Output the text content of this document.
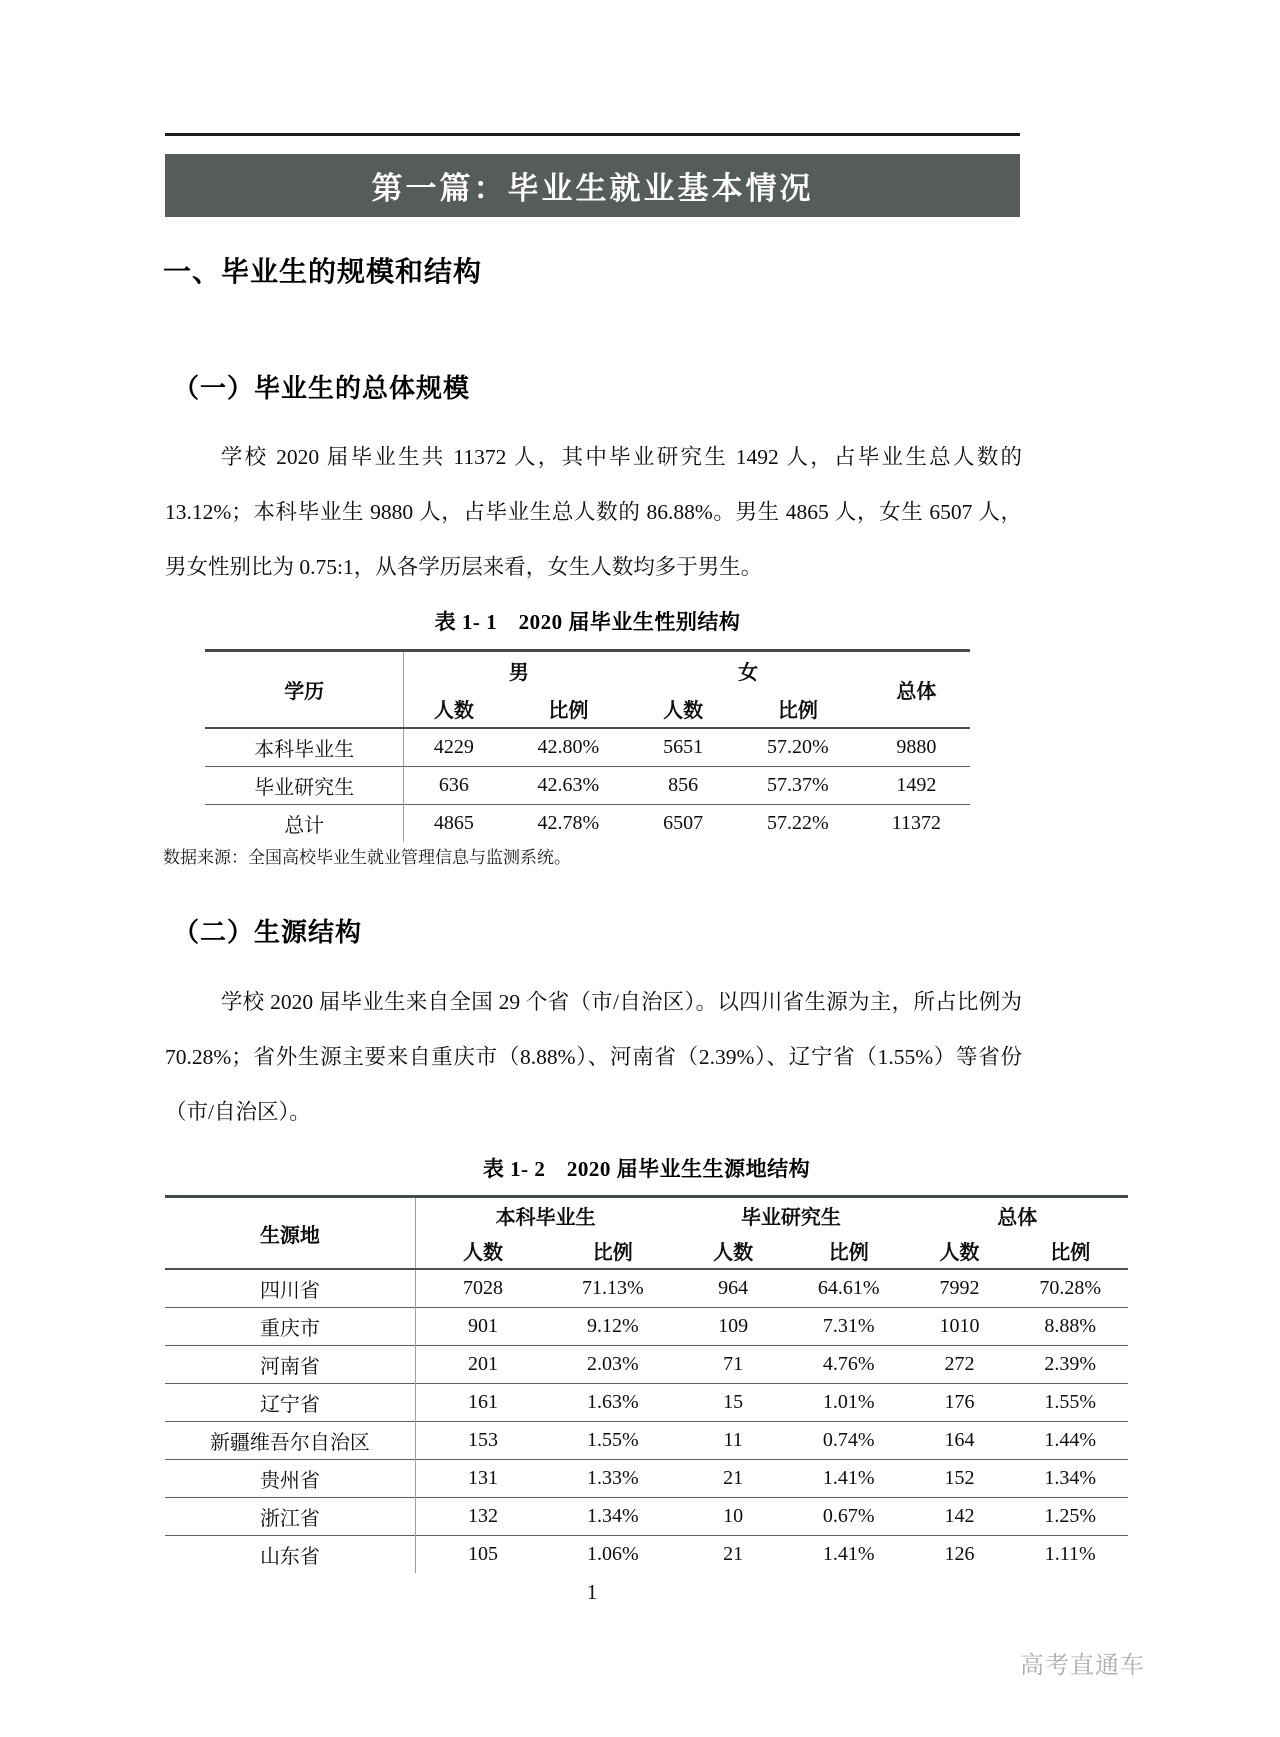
第一篇：毕业生就业基本情况
一、毕业生的规模和结构
（一）毕业生的总体规模

学校 2020 届毕业生共 11372 人，其中毕业研究生 1492 人，占毕业生总人数的 13.12%；本科毕业生 9880 人，占毕业生总人数的 86.88%。男生 4865 人，女生 6507 人，男女性别比为 0.75:1，从各学历层来看，女生人数均多于男生。

表 1- 1　2020 届毕业生性别结构
学历	男		女		总体
	人数	比例	人数	比例	
本科毕业生	4229	42.80%	5651	57.20%	9880
毕业研究生	636	42.63%	856	57.37%	1492
总计	4865	42.78%	6507	57.22%	11372
数据来源：全国高校毕业生就业管理信息与监测系统。
（二）生源结构

学校 2020 届毕业生来自全国 29 个省（市/自治区）。以四川省生源为主，所占比例为 70.28%；省外生源主要来自重庆市（8.88%）、河南省（2.39%）、辽宁省（1.55%）等省份（市/自治区）。

表 1- 2　2020 届毕业生生源地结构
生源地	本科毕业生		毕业研究生		总体	
	人数	比例	人数	比例	人数	比例
四川省	7028	71.13%	964	64.61%	7992	70.28%
重庆市	901	9.12%	109	7.31%	1010	8.88%
河南省	201	2.03%	71	4.76%	272	2.39%
辽宁省	161	1.63%	15	1.01%	176	1.55%
新疆维吾尔自治区	153	1.55%	11	0.74%	164	1.44%
贵州省	131	1.33%	21	1.41%	152	1.34%
浙江省	132	1.34%	10	0.67%	142	1.25%
山东省	105	1.06%	21	1.41%	126	1.11%
1
高考直通车
